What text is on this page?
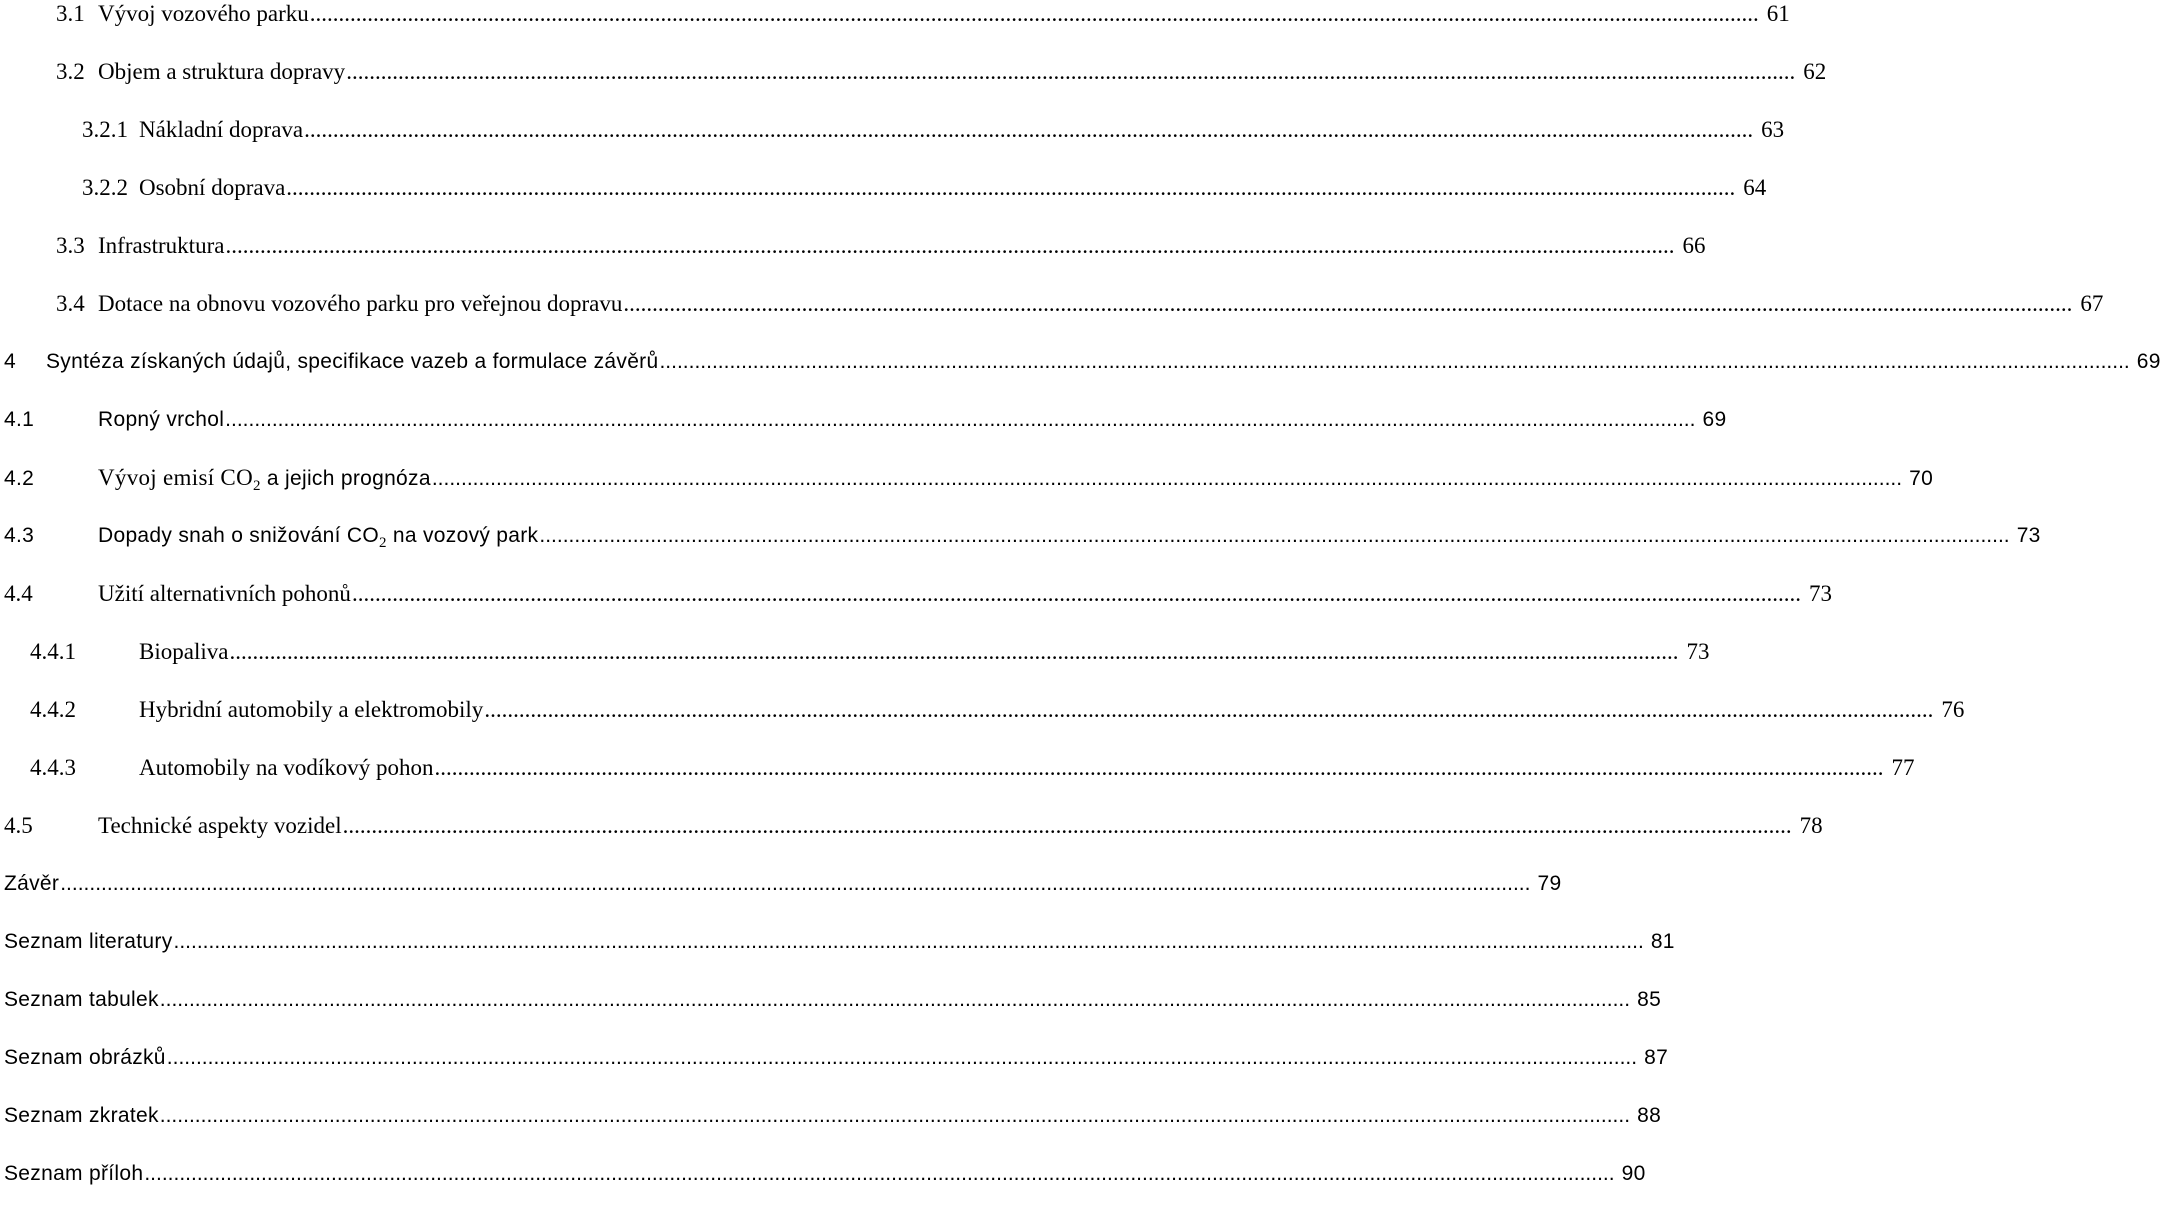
3.1 Vývoj vozového parku ............................................................................................................................................................................................................................................................ 61
3.2 Objem a struktura dopravy ............................................................................................................................................................................................................................................................ 62
3.2.1 Nákladní doprava ............................................................................................................................................................................................................................................................ 63
3.2.2 Osobní doprava ............................................................................................................................................................................................................................................................ 64
3.3 Infrastruktura ............................................................................................................................................................................................................................................................ 66
3.4 Dotace na obnovu vozového parku pro veřejnou dopravu ............................................................................................................................................................................................................................................................ 67
4	Syntéza získaných údajů, specifikace vazeb a formulace závěrů ............................................................................................................................................................................................................................................................ 69
4.1	Ropný vrchol ............................................................................................................................................................................................................................................................ 69
4.2	Vývoj emisí $CO_2$ a jejich prognóza ............................................................................................................................................................................................................................................................ 70
4.3	Dopady snah o snižování $CO_2$ na vozový park ............................................................................................................................................................................................................................................................ 73
4.4	Užití alternativních pohonů ............................................................................................................................................................................................................................................................ 73
4.4.1	Biopaliva ............................................................................................................................................................................................................................................................ 73
4.4.2	Hybridní automobily a elektromobily ............................................................................................................................................................................................................................................................ 76
4.4.3	Automobily na vodíkový pohon ............................................................................................................................................................................................................................................................ 77
4.5	Technické aspekty vozidel ............................................................................................................................................................................................................................................................ 78
Závěr ............................................................................................................................................................................................................................................................ 79
Seznam literatury ............................................................................................................................................................................................................................................................ 81
Seznam tabulek ............................................................................................................................................................................................................................................................ 85
Seznam obrázků ............................................................................................................................................................................................................................................................ 87
Seznam zkratek ............................................................................................................................................................................................................................................................ 88
Seznam příloh ............................................................................................................................................................................................................................................................ 90
